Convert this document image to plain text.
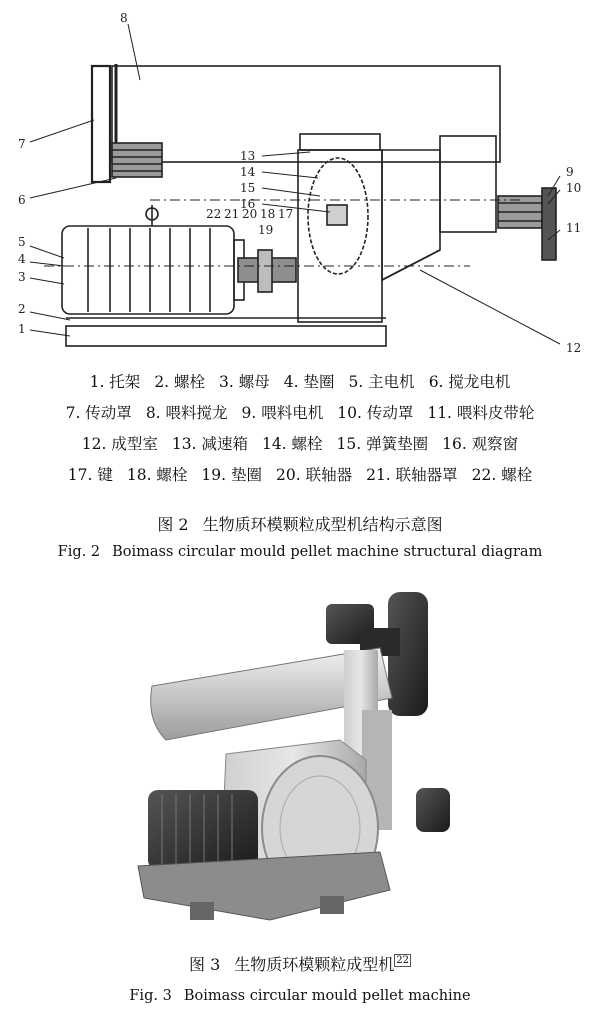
8
7
6
5
4
3
2
1
13
14
15
16
22 21 20 18 17
19
9
10
11
12
1. 托架 2. 螺栓 3. 螺母 4. 垫圈 5. 主电机 6. 搅龙电机
7. 传动罩 8. 喂料搅龙 9. 喂料电机 10. 传动罩 11. 喂料皮带轮
12. 成型室 13. 减速箱 14. 螺栓 15. 弹簧垫圈 16. 观察窗
17. 键 18. 螺栓 19. 垫圈 20. 联轴器 21. 联轴器罩 22. 螺栓
图 2 生物质环模颗粒成型机结构示意图
Fig. 2 Boimass circular mould pellet machine structural diagram
图 3 生物质环模颗粒成型机 $^{22}$
Fig. 3 Boimass circular mould pellet machine
